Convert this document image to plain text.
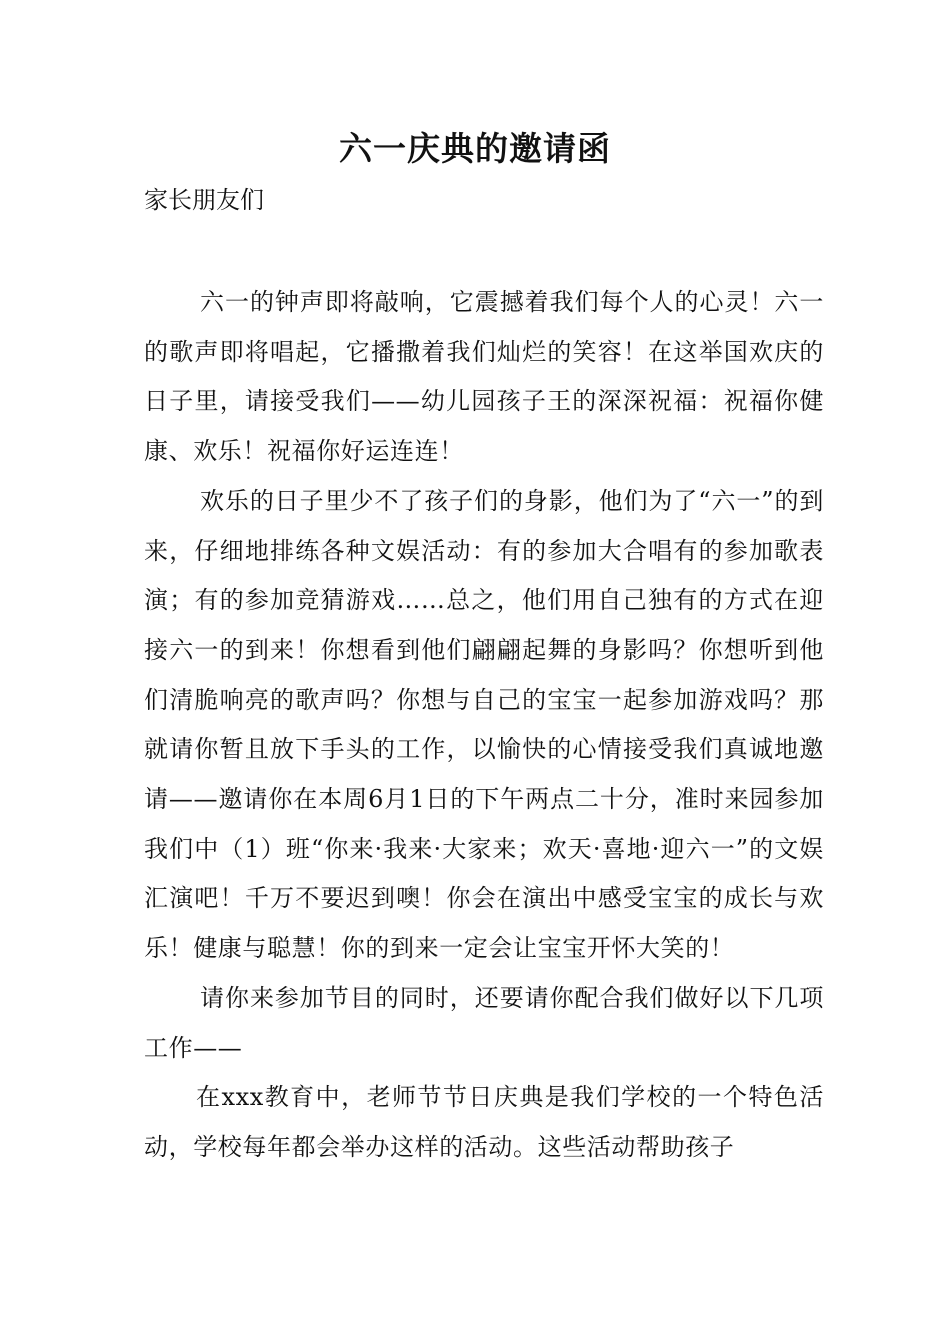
六一庆典的邀请函

家长朋友们

六一的钟声即将敲响，它震撼着我们每个人的心灵！六一的歌声即将唱起，它播撒着我们灿烂的笑容！在这举国欢庆的日子里，请接受我们——幼儿园孩子王的深深祝福：祝福你健康、欢乐！祝福你好运连连！

欢乐的日子里少不了孩子们的身影，他们为了“六一”的到来，仔细地排练各种文娱活动：有的参加大合唱有的参加歌表演；有的参加竞猜游戏……总之，他们用自己独有的方式在迎接六一的到来！你想看到他们翩翩起舞的身影吗？你想听到他们清脆响亮的歌声吗？你想与自己的宝宝一起参加游戏吗？那就请你暂且放下手头的工作，以愉快的心情接受我们真诚地邀请——邀请你在本周6月1日的下午两点二十分，准时来园参加我们中（1）班“你来·我来·大家来；欢天·喜地·迎六一”的文娱汇演吧！千万不要迟到噢！你会在演出中感受宝宝的成长与欢乐！健康与聪慧！你的到来一定会让宝宝开怀大笑的！

请你来参加节目的同时，还要请你配合我们做好以下几项工作——

在xxx教育中，老师节节日庆典是我们学校的一个特色活动，学校每年都会举办这样的活动。这些活动帮助孩子
